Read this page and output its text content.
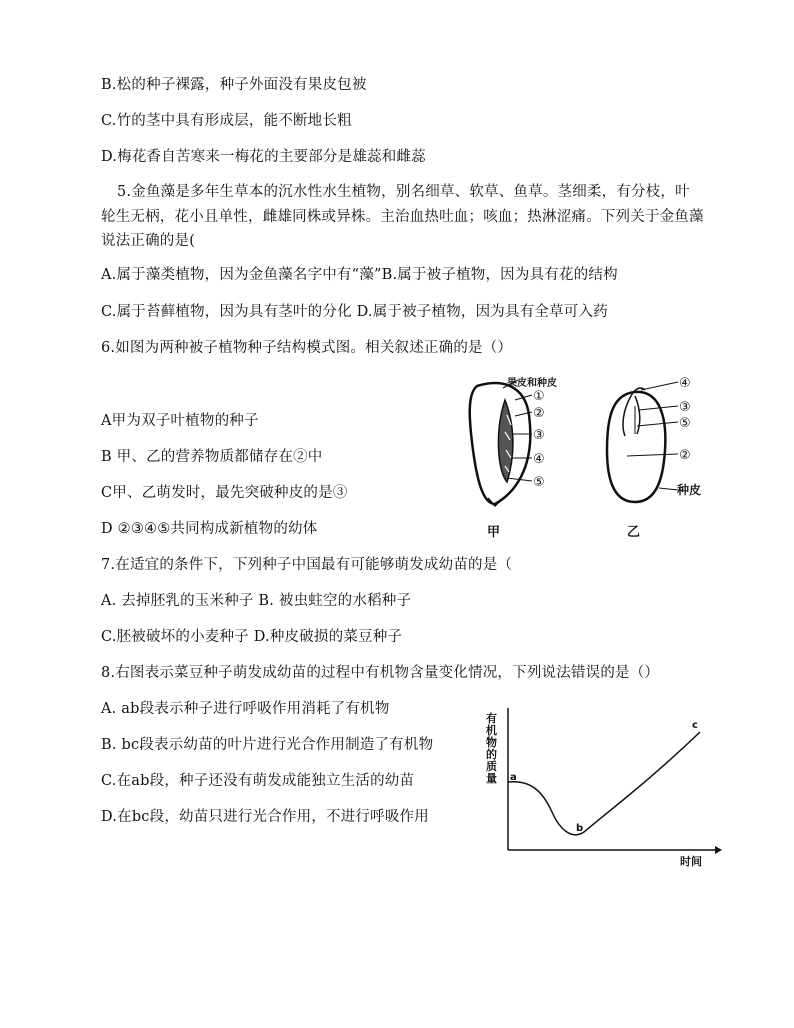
B.松的种子裸露，种子外面没有果皮包被
C.竹的茎中具有形成层，能不断地长粗
D.梅花香自苦寒来一梅花的主要部分是雄蕊和雌蕊
5.金鱼藻是多年生草本的沉水性水生植物，别名细草、软草、鱼草。茎细柔，有分枝，叶
轮生无柄，花小且单性，雌雄同株或异株。主治血热吐血；咳血；热淋涩痛。下列关于金鱼藻
说法正确的是(
A.属于藻类植物，因为金鱼藻名字中有“藻”B.属于被子植物，因为具有花的结构
C.属于苔藓植物，因为具有茎叶的分化 D.属于被子植物，因为具有全草可入药
6.如图为两种被子植物种子结构模式图。相关叙述正确的是（）
A甲为双子叶植物的种子
B 甲、乙的营养物质都储存在②中
C甲、乙萌发时，最先突破种皮的是③
D ②③④⑤共同构成新植物的幼体
7.在适宜的条件下，下列种子中国最有可能够萌发成幼苗的是（
A. 去掉胚乳的玉米种子 B. 被虫蛀空的水稻种子
C.胚被破坏的小麦种子 D.种皮破损的菜豆种子
8.右图表示菜豆种子萌发成幼苗的过程中有机物含量变化情况，下列说法错误的是（）
A. ab段表示种子进行呼吸作用消耗了有机物
B. bc段表示幼苗的叶片进行光合作用制造了有机物
C.在ab段，种子还没有萌发成能独立生活的幼苗
D.在bc段，幼苗只进行光合作用，不进行呼吸作用
果皮和种皮
①
②
③
④
⑤
甲
④
③
⑤
②
种皮
乙
有机物的质量
时间
a
b
c
